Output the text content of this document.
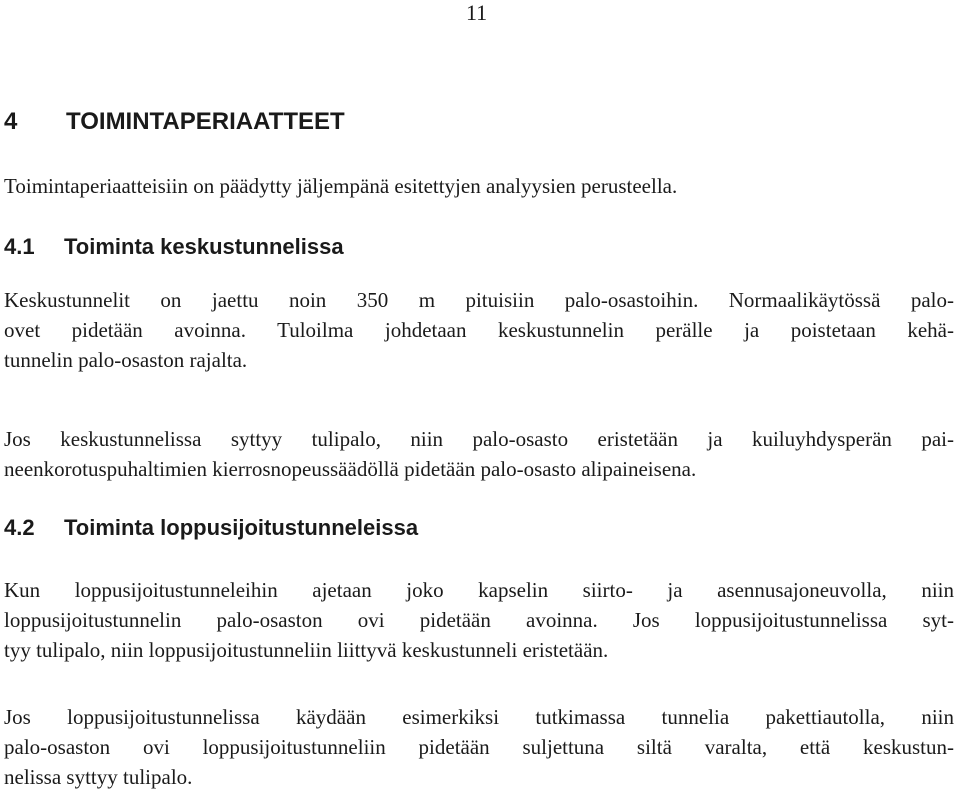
11
4 TOIMINTAPERIAATTEET

Toimintaperiaatteisiin on päädytty jäljempänä esitettyjen analyysien perusteella.

4.1 Toiminta keskustunnelissa

Keskustunnelit on jaettu noin 350 m pituisiin palo-osastoihin. Normaalikäytössä palo-
ovet pidetään avoinna. Tuloilma johdetaan keskustunnelin perälle ja poistetaan kehä-
tunnelin palo-osaston rajalta.

Jos keskustunnelissa syttyy tulipalo, niin palo-osasto eristetään ja kuiluyhdysperän pai-
neenkorotuspuhaltimien kierrosnopeussäädöllä pidetään palo-osasto alipaineisena.

4.2 Toiminta loppusijoitustunneleissa

Kun loppusijoitustunneleihin ajetaan joko kapselin siirto- ja asennusajoneuvolla, niin
loppusijoitustunnelin palo-osaston ovi pidetään avoinna. Jos loppusijoitustunnelissa syt-
tyy tulipalo, niin loppusijoitustunneliin liittyvä keskustunneli eristetään.

Jos loppusijoitustunnelissa käydään esimerkiksi tutkimassa tunnelia pakettiautolla, niin
palo-osaston ovi loppusijoitustunneliin pidetään suljettuna siltä varalta, että keskustun-
nelissa syttyy tulipalo.
